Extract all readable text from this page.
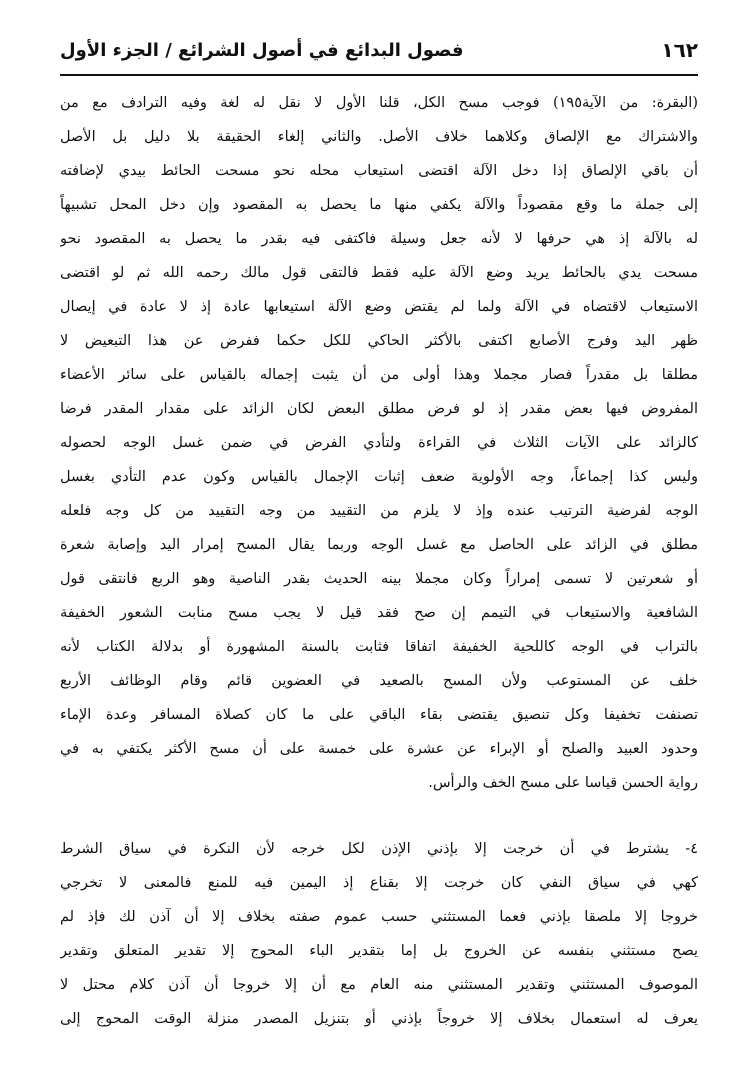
١٦٢
فصول البدائع في أصول الشرائع / الجزء الأول
(البقرة: من الآية١٩٥) فوجب مسح الكل، قلنا الأول لا نقل له لغة وفيه الترادف مع من
والاشتراك مع الإلصاق وكلاهما خلاف الأصل. والثاني إلغاء الحقيقة بلا دليل بل الأصل
أن باقي الإلصاق إذا دخل الآلة اقتضى استيعاب محله نحو مسحت الحائط بيدي لإضافته
إلى جملة ما وقع مقصوداً والآلة يكفي منها ما يحصل به المقصود وإن دخل المحل تشبيهاً
له بالآلة إذ هي حرفها لا لأنه جعل وسيلة فاكتفى فيه بقدر ما يحصل به المقصود نحو
مسحت يدي بالحائط يريد وضع الآلة عليه فقط فالتقى قول مالك رحمه الله ثم لو اقتضى
الاستيعاب لاقتضاه في الآلة ولما لم يقتض وضع الآلة استيعابها عادة إذ لا عادة في إيصال
ظهر اليد وفرج الأصابع اكتفى بالأكثر الحاكي للكل حكما ففرض عن هذا التبعيض لا
مطلقا بل مقدراً فصار مجملا وهذا أولى من أن يثبت إجماله بالقياس على سائر الأعضاء
المفروض فيها بعض مقدر إذ لو فرض مطلق البعض لكان الزائد على مقدار المقدر فرضا
كالزائد على الآيات الثلاث في القراءة ولتأدي الفرض في ضمن غسل الوجه لحصوله
وليس كذا إجماعاً، وجه الأولوية ضعف إثبات الإجمال بالقياس وكون عدم التأدي بغسل
الوجه لفرضية الترتيب عنده وإذ لا يلزم من التقييد من وجه التقييد من كل وجه فلعله
مطلق في الزائد على الحاصل مع غسل الوجه وربما يقال المسح إمرار اليد وإصابة شعرة
أو شعرتين لا تسمى إمراراً وكان مجملا بينه الحديث بقدر الناصية وهو الربع فانتقى قول
الشافعية والاستيعاب في التيمم إن صح فقد قيل لا يجب مسح منابت الشعور الخفيفة
بالتراب في الوجه كاللحية الخفيفة اتفاقا فثابت بالسنة المشهورة أو بدلالة الكتاب لأنه
خلف عن المستوعب ولأن المسح بالصعيد في العضوين قائم وقام الوظائف الأربع
تصنفت تخفيفا وكل تنصيق يقتضى بقاء الباقي على ما كان كصلاة المسافر وعدة الإماء
وحدود العبيد والصلح أو الإبراء عن عشرة على خمسة على أن مسح الأكثر يكتفي به في
رواية الحسن قياسا على مسح الخف والرأس.
٤- يشترط في أن خرجت إلا بإذني الإذن لكل خرجه لأن النكرة في سياق الشرط
كهي في سياق النفي كان خرجت إلا بقناع إذ اليمين فيه للمنع فالمعنى لا تخرجي
خروجا إلا ملصقا بإذني فعما المستثني حسب عموم صفته بخلاف إلا أن آذن لك فإذ لم
يصح مستثني بنفسه عن الخروج بل إما بتقدير الباء المحوج إلا تقدير المتعلق وتقدير
الموصوف المستثني وتقدير المستثني منه العام مع أن إلا خروجا أن آذن كلام محتل لا
يعرف له استعمال بخلاف إلا خروجاً بإذني أو بتنزيل المصدر منزلة الوقت المحوج إلى
